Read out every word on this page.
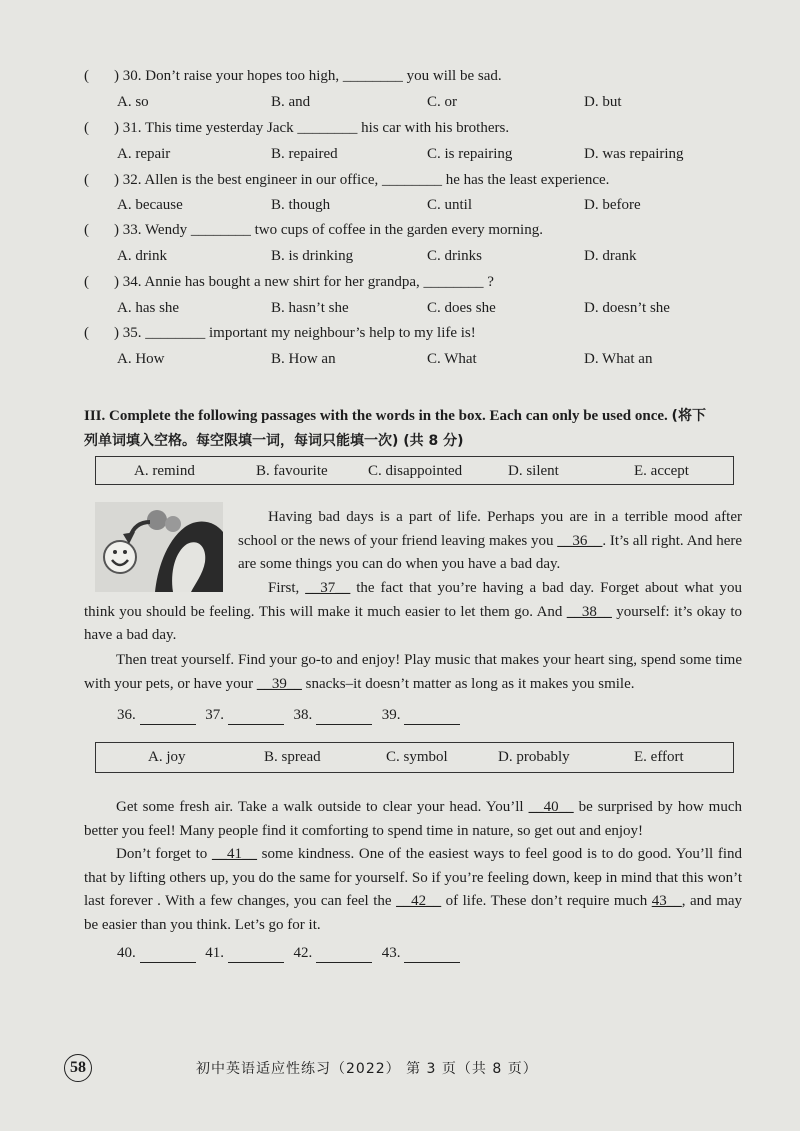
( ) 30. Don’t raise your hopes too high, ________ you will be sad.
A. so	B. and	C. or	D. but
( ) 31. This time yesterday Jack ________ his car with his brothers.
A. repair	B. repaired	C. is repairing	D. was repairing
( ) 32. Allen is the best engineer in our office, ________ he has the least experience.
A. because	B. though	C. until	D. before
( ) 33. Wendy ________ two cups of coffee in the garden every morning.
A. drink	B. is drinking	C. drinks	D. drank
( ) 34. Annie has bought a new shirt for her grandpa, ________ ?
A. has she	B. hasn’t she	C. does she	D. doesn’t she
( ) 35. ________ important my neighbour’s help to my life is!
A. How	B. How an	C. What	D. What an
III. Complete the following passages with the words in the box. Each can only be used once. (将下
列单词填入空格。每空限填一词，每词只能填一次) (共 8 分)
A. remind	B. favourite	C. disappointed	D. silent	E. accept
Having bad days is a part of life. Perhaps you are in a terrible mood after school or the news of your friend leaving makes you __36__. It’s all right. And here are some things you can do when you have a bad day.
First, __37__ the fact that you’re having a bad day. Forget about what you think you should be feeling. This will make it much easier to let them go. And __38__ yourself: it’s okay to have a bad day.
Then treat yourself. Find your go-to and enjoy! Play music that makes your heart sing, spend some time with your pets, or have your __39__ snacks–it doesn’t matter as long as it makes you smile.
36.	37.	38.	39.
A. joy	B. spread	C. symbol	D. probably	E. effort
Get some fresh air. Take a walk outside to clear your head. You’ll __40__ be surprised by how much better you feel! Many people find it comforting to spend time in nature, so get out and enjoy!
Don’t forget to __41__ some kindness. One of the easiest ways to feel good is to do good. You’ll find that by lifting others up, you do the same for yourself. So if you’re feeling down, keep in mind that this won’t last forever . With a few changes, you can feel the __42__ of life. These don’t require much 43__, and may be easier than you think. Let’s go for it.
40.	41.	42.	43.
58	初中英语适应性练习（2022） 第 3 页（共 8 页）
